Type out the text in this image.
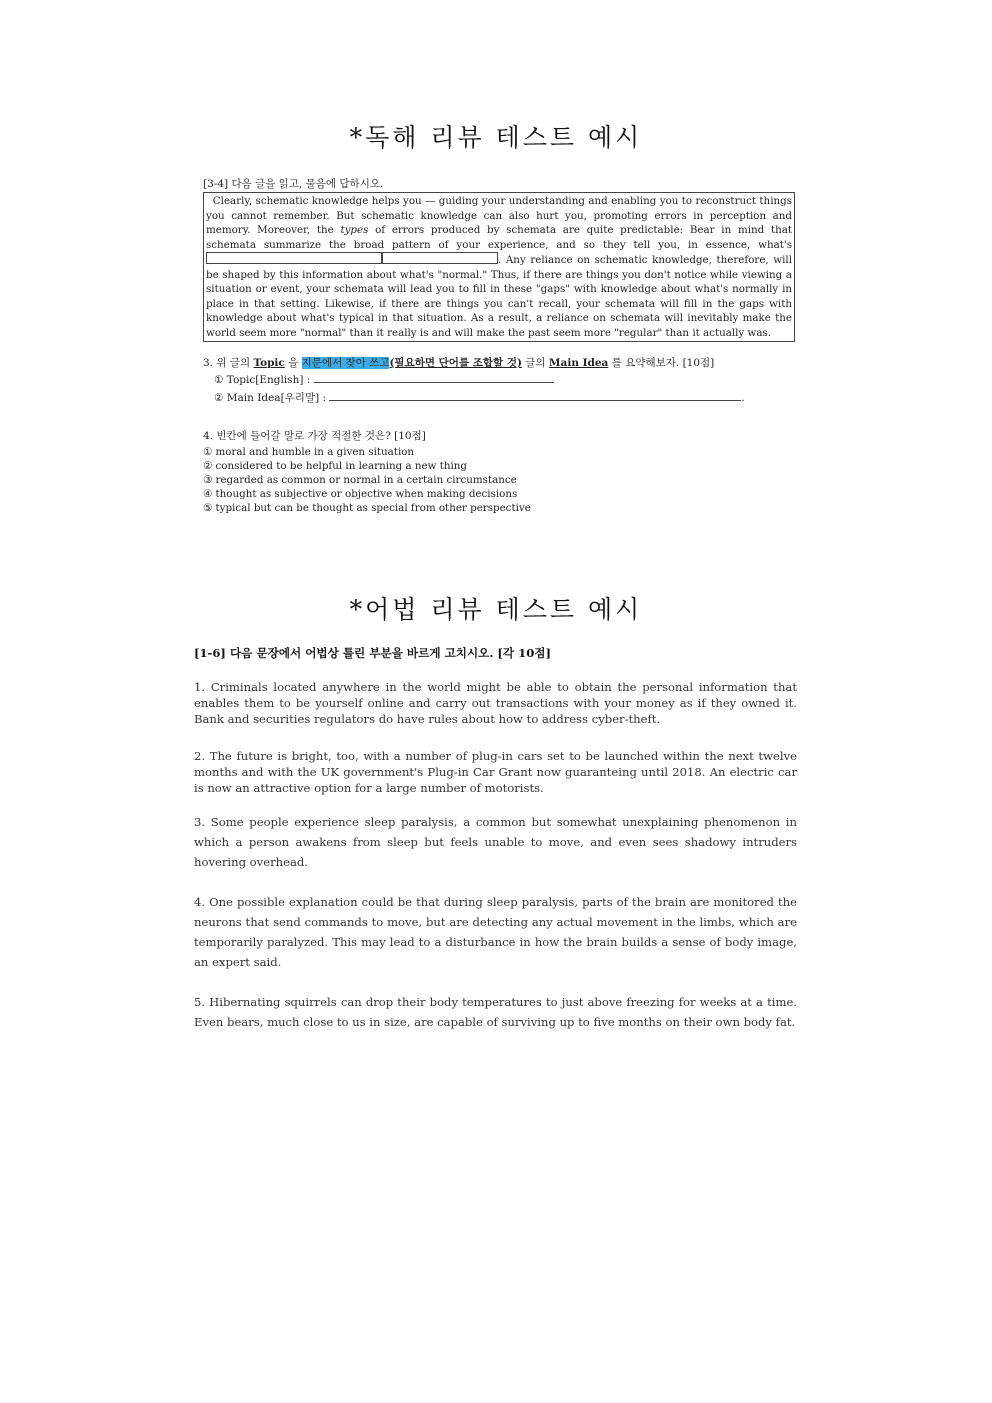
*독해 리뷰 테스트 예시
[3-4] 다음 글을 읽고, 물음에 답하시오.
Clearly, schematic knowledge helps you — guiding your understanding and enabling you to reconstruct things you cannot remember. But schematic knowledge can also hurt you, promoting errors in perception and memory. Moreover, the types of errors produced by schemata are quite predictable: Bear in mind that schemata summarize the broad pattern of your experience, and so they tell you, in essence, what's . Any reliance on schematic knowledge, therefore, will be shaped by this information about what's "normal." Thus, if there are things you don't notice while viewing a situation or event, your schemata will lead you to fill in these "gaps" with knowledge about what's normally in place in that setting. Likewise, if there are things you can't recall, your schemata will fill in the gaps with knowledge about what's typical in that situation. As a result, a reliance on schemata will inevitably make the world seem more "normal" than it really is and will make the past seem more "regular" than it actually was.
3. 위 글의 Topic 을 지문에서 찾아 쓰고(필요하면 단어를 조합할 것) 글의 Main Idea 를 요약해보자. [10점]
① Topic[English] :
② Main Idea[우리말] :	.
4. 빈칸에 들어갈 말로 가장 적절한 것은? [10점]
① moral and humble in a given situation
② considered to be helpful in learning a new thing
③ regarded as common or normal in a certain circumstance
④ thought as subjective or objective when making decisions
⑤ typical but can be thought as special from other perspective
*어법 리뷰 테스트 예시
[1-6] 다음 문장에서 어법상 틀린 부분을 바르게 고치시오. [각 10점]
1. Criminals located anywhere in the world might be able to obtain the personal information that enables them to be yourself online and carry out transactions with your money as if they owned it. Bank and securities regulators do have rules about how to address cyber-theft.
2. The future is bright, too, with a number of plug-in cars set to be launched within the next twelve months and with the UK government's Plug-in Car Grant now guaranteing until 2018. An electric car is now an attractive option for a large number of motorists.
3. Some people experience sleep paralysis, a common but somewhat unexplaining phenomenon in which a person awakens from sleep but feels unable to move, and even sees shadowy intruders hovering overhead.
4. One possible explanation could be that during sleep paralysis, parts of the brain are monitored the neurons that send commands to move, but are detecting any actual movement in the limbs, which are temporarily paralyzed. This may lead to a disturbance in how the brain builds a sense of body image, an expert said.
5. Hibernating squirrels can drop their body temperatures to just above freezing for weeks at a time. Even bears, much close to us in size, are capable of surviving up to five months on their own body fat.
